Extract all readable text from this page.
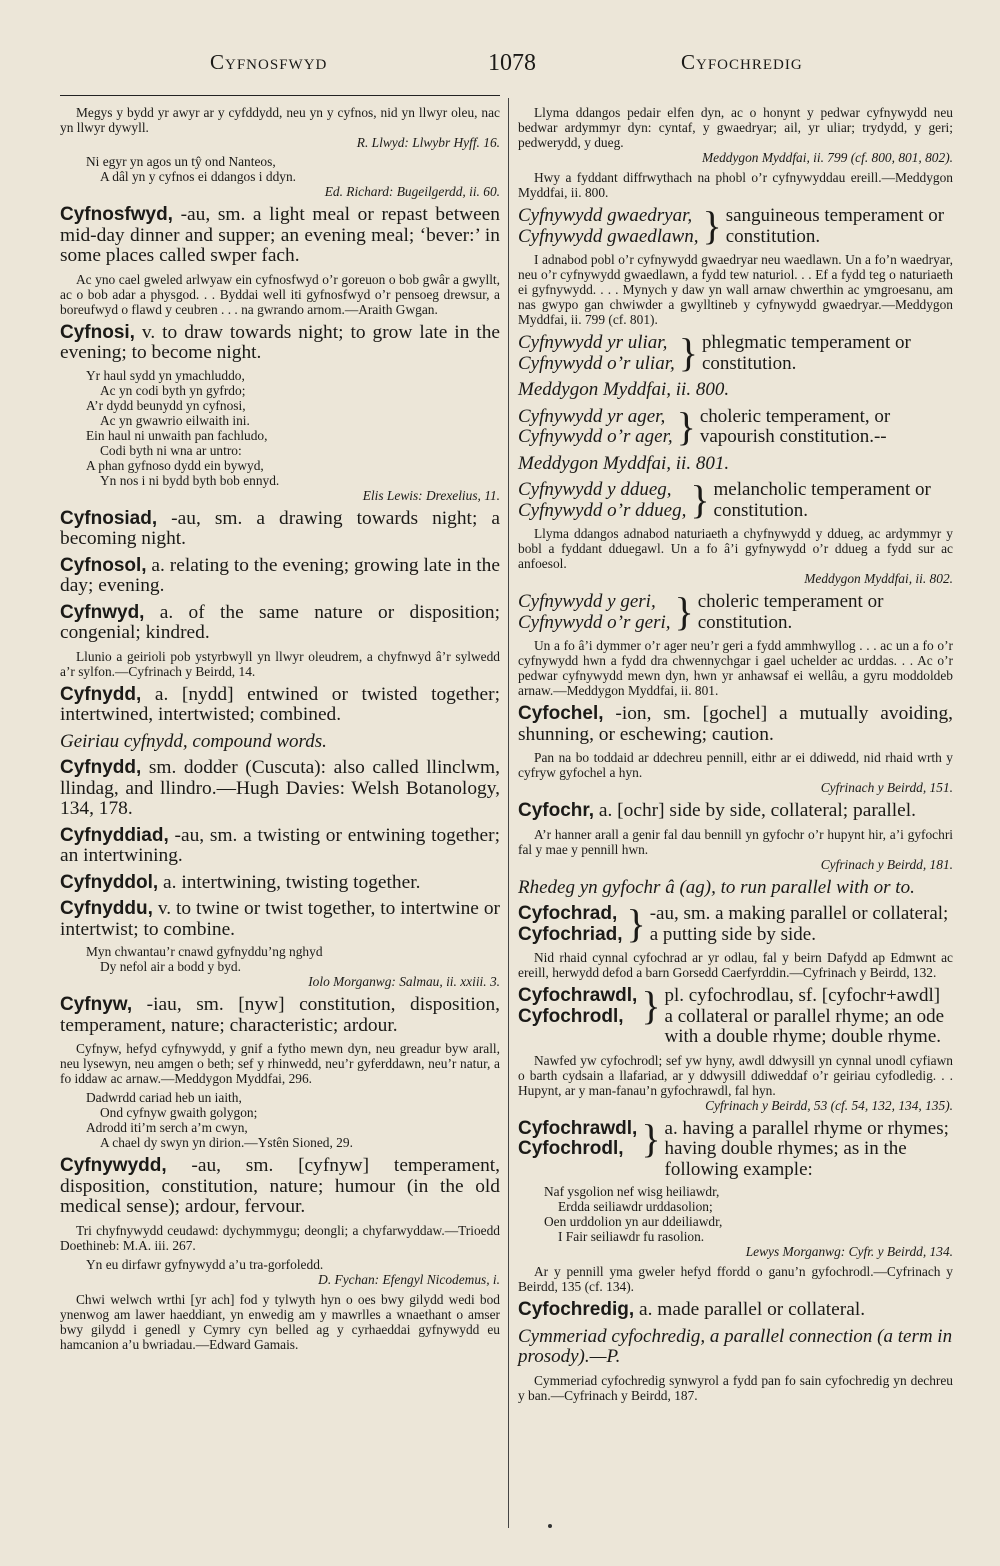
Cyfnosfwyd	1078	Cyfochredig

Megys y bydd yr awyr ar y cyfddydd, neu yn y cyfnos, nid yn llwyr oleu, nac yn llwyr dywyll.

R. Llwyd: Llwybr Hyff. 16.

Ni egyr yn agos un tŷ ond Nanteos,
A dâl yn y cyfnos ei ddangos i ddyn.

Ed. Richard: Bugeilgerdd, ii. 60.

Cyfnosfwyd, -au, sm. a light meal or repast between mid-day dinner and supper; an evening meal; ‘bever:’ in some places called swper fach.

Ac yno cael gweled arlwyaw ein cyfnosfwyd o’r goreuon o bob gwâr a gwyllt, ac o bob adar a physgod. . . Byddai well iti gyfnosfwyd o’r pensoeg drewsur, a boreufwyd o flawd y ceubren . . . na gwrando arnom.—Araith Gwgan.

Cyfnosi, v. to draw towards night; to grow late in the evening; to become night.

Yr haul sydd yn ymachluddo,
Ac yn codi byth yn gyfrdo;
A’r dydd beunydd yn cyfnosi,
Ac yn gwawrio eilwaith ini.
Ein haul ni unwaith pan fachludo,
Codi byth ni wna ar untro:
A phan gyfnoso dydd ein bywyd,
Yn nos i ni bydd byth bob ennyd.

Elis Lewis: Drexelius, 11.

Cyfnosiad, -au, sm. a drawing towards night; a becoming night.

Cyfnosol, a. relating to the evening; growing late in the day; evening.

Cyfnwyd, a. of the same nature or disposition; congenial; kindred.

Llunio a geirioli pob ystyrbwyll yn llwyr oleudrem, a chyfnwyd â’r sylwedd a’r sylfon.—Cyfrinach y Beirdd, 14.

Cyfnydd, a. [nydd] entwined or twisted together; intertwined, intertwisted; combined.

Geiriau cyfnydd, compound words.

Cyfnydd, sm. dodder (Cuscuta): also called llinclwm, llindag, and llindro.—Hugh Davies: Welsh Botanology, 134, 178.

Cyfnyddiad, -au, sm. a twisting or entwining together; an intertwining.

Cyfnyddol, a. intertwining, twisting together.

Cyfnyddu, v. to twine or twist together, to intertwine or intertwist; to combine.

Myn chwantau’r cnawd gyfnyddu’ng nghyd
Dy nefol air a bodd y byd.

Iolo Morganwg: Salmau, ii. xxiii. 3.

Cyfnyw, -iau, sm. [nyw] constitution, disposition, temperament, nature; characteristic; ardour.

Cyfnyw, hefyd cyfnywydd, y gnif a fytho mewn dyn, neu greadur byw arall, neu lysewyn, neu amgen o beth; sef y rhinwedd, neu’r gyferddawn, neu’r natur, a fo iddaw ac arnaw.—Meddygon Myddfai, 296.

Dadwrdd cariad heb un iaith,
Ond cyfnyw gwaith golygon;
Adrodd iti’m serch a’m cwyn,
A chael dy swyn yn dirion.—Ystên Sioned, 29.

Cyfnywydd, -au, sm. [cyfnyw] temperament, disposition, constitution, nature; humour (in the old medical sense); ardour, fervour.

Tri chyfnywydd ceudawd: dychymmygu; deongli; a chyfarwyddaw.—Trioedd Doethineb: M.A. iii. 267.

Yn eu dirfawr gyfnywydd a’u tra-gorfoledd.

D. Fychan: Efengyl Nicodemus, i.

Chwi welwch wrthi [yr ach] fod y tylwyth hyn o oes bwy gilydd wedi bod ynenwog am lawer haeddiant, yn enwedig am y mawrlles a wnaethant o amser bwy gilydd i genedl y Cymry cyn belled ag y cyrhaeddai gyfnywydd eu hamcanion a’u bwriadau.—Edward Gamais.

Llyma ddangos pedair elfen dyn, ac o honynt y pedwar cyfnywydd neu bedwar ardymmyr dyn: cyntaf, y gwaedryar; ail, yr uliar; trydydd, y geri; pedwerydd, y dueg.

Meddygon Myddfai, ii. 799 (cf. 800, 801, 802).

Hwy a fyddant diffrwythach na phobl o’r cyfnywyddau ereill.—Meddygon Myddfai, ii. 800.

Cyfnywydd gwaedryar,
Cyfnywydd gwaedlawn, } sanguineous temperament or constitution.

I adnabod pobl o’r cyfnywydd gwaedryar neu waedlawn. Un a fo’n waedryar, neu o’r cyfnywydd gwaedlawn, a fydd tew naturiol. . . Ef a fydd teg o naturiaeth ei gyfnywydd. . . . Mynych y daw yn wall arnaw chwerthin ac ymgroesanu, am nas gwypo gan chwiwder a gwylltineb y cyfnywydd gwaedryar.—Meddygon Myddfai, ii. 799 (cf. 801).

Cyfnywydd yr uliar,
Cyfnywydd o’r uliar, } phlegmatic temperament or constitution.

Meddygon Myddfai, ii. 800.

Cyfnywydd yr ager,
Cyfnywydd o’r ager, } choleric temperament, or vapourish constitution.--

Meddygon Myddfai, ii. 801.

Cyfnywydd y ddueg,
Cyfnywydd o’r ddueg, } melancholic temperament or constitution.

Llyma ddangos adnabod naturiaeth a chyfnywydd y ddueg, ac ardymmyr y bobl a fyddant dduegawl. Un a fo â’i gyfnywydd o’r ddueg a fydd sur ac anfoesol.

Meddygon Myddfai, ii. 802.

Cyfnywydd y geri,
Cyfnywydd o’r geri, } choleric temperament or constitution.

Un a fo â’i dymmer o’r ager neu’r geri a fydd ammhwyllog . . . ac un a fo o’r cyfnywydd hwn a fydd dra chwennychgar i gael uchelder ac urddas. . . Ac o’r pedwar cyfnywydd mewn dyn, hwn yr anhawsaf ei wellâu, a gyru moddoldeb arnaw.—Meddygon Myddfai, ii. 801.

Cyfochel, -ion, sm. [gochel] a mutually avoiding, shunning, or eschewing; caution.

Pan na bo toddaid ar ddechreu pennill, eithr ar ei ddiwedd, nid rhaid wrth y cyfryw gyfochel a hyn.

Cyfrinach y Beirdd, 151.

Cyfochr, a. [ochr] side by side, collateral; parallel.

A’r hanner arall a genir fal dau bennill yn gyfochr o’r hupynt hir, a’i gyfochri fal y mae y pennill hwn.

Cyfrinach y Beirdd, 181.

Rhedeg yn gyfochr â (ag), to run parallel with or to.

Cyfochrad,
Cyfochriad, } -au, sm. a making parallel or collateral; a putting side by side.

Nid rhaid cynnal cyfochrad ar yr odlau, fal y beirn Dafydd ap Edmwnt ac ereill, herwydd defod a barn Gorsedd Caerfyrddin.—Cyfrinach y Beirdd, 132.

Cyfochrawdl,
Cyfochrodl, } pl. cyfochrodlau, sf. [cyfochr+awdl] a collateral or parallel rhyme; an ode with a double rhyme; double rhyme.

Nawfed yw cyfochrodl; sef yw hyny, awdl ddwysill yn cynnal unodl cyfiawn o barth cydsain a llafariad, ar y ddwysill ddiweddaf o’r geiriau cyfodledig. . . Hupynt, ar y man-fanau’n gyfochrawdl, fal hyn.

Cyfrinach y Beirdd, 53 (cf. 54, 132, 134, 135).

Cyfochrawdl,
Cyfochrodl, } a. having a parallel rhyme or rhymes; having double rhymes; as in the following example:
Naf ysgolion nef wisg heiliawdr,
Erdda seiliawdr urddasolion;
Oen urddolion yn aur ddeiliawdr,
I Fair seiliawdr fu rasolion.

Lewys Morganwg: Cyfr. y Beirdd, 134.

Ar y pennill yma gweler hefyd ffordd o ganu’n gyfochrodl.—Cyfrinach y Beirdd, 135 (cf. 134).

Cyfochredig, a. made parallel or collateral.

Cymmeriad cyfochredig, a parallel connection (a term in prosody).—P.

Cymmeriad cyfochredig synwyrol a fydd pan fo sain cyfochredig yn dechreu y ban.—Cyfrinach y Beirdd, 187.
